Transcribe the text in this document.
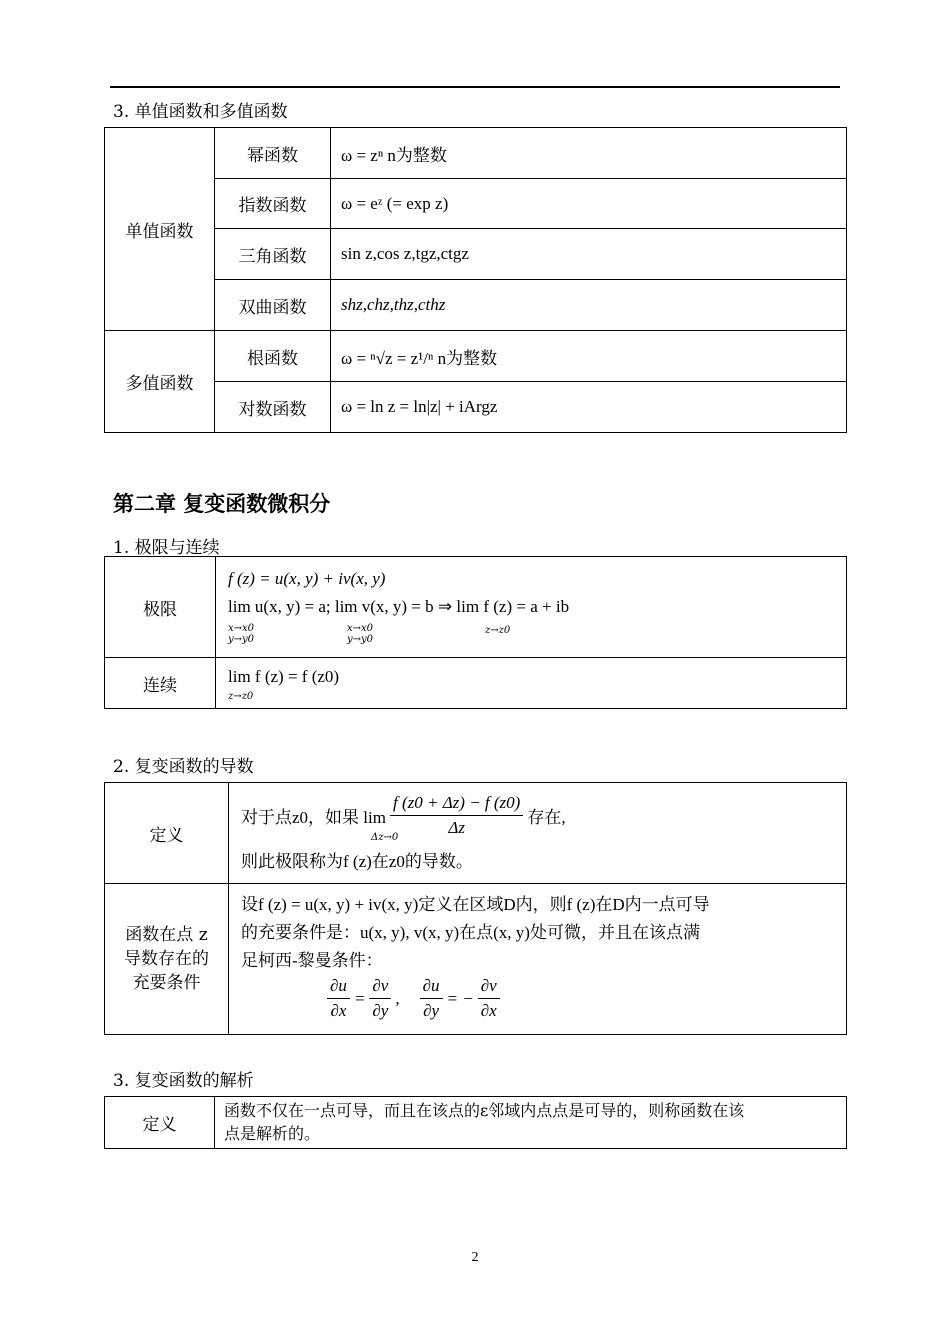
3. 单值函数和多值函数
单值函数
多值函数
幂函数
指数函数
三角函数
双曲函数
根函数
对数函数
ω = zⁿ n为整数
ω = eᶻ (= exp z)
sin z,cos z,tgz,ctgz
shz,chz,thz,cthz
ω = ⁿ√z = z¹/ⁿ n为整数
ω = ln z = ln|z| + iArgz
第二章 复变函数微积分
1. 极限与连续
极限
连续
f (z) = u(x, y) + iv(x, y)
lim u(x, y) = a; lim v(x, y) = b ⇒ lim f (z) = a + ib
x→x0
y→y0
x→x0
y→y0
z→z0
lim f (z) = f (z0)
z→z0
2. 复变函数的导数
定义
函数在点 z
导数存在的
充要条件
对于点z0，如果 $\lim \frac{f (z0 + \Delta z) - f (z0)}{\Delta z}$ 存在,
Δz→0
则此极限称为f (z)在z0的导数。
设f (z) = u(x, y) + iv(x, y)定义在区域D内，则f (z)在D内一点可导
的充要条件是：u(x, y), v(x, y)在点(x, y)处可微，并且在该点满
足柯西-黎曼条件：
$\frac{\partial u}{\partial x} = \frac{\partial v}{\partial y}$ , $\frac{\partial u}{\partial y}$ = − $\frac{\partial v}{\partial x}$
3. 复变函数的解析
定义
函数不仅在一点可导，而且在该点的ε邻域内点点是可导的，则称函数在该
点是解析的。
2
